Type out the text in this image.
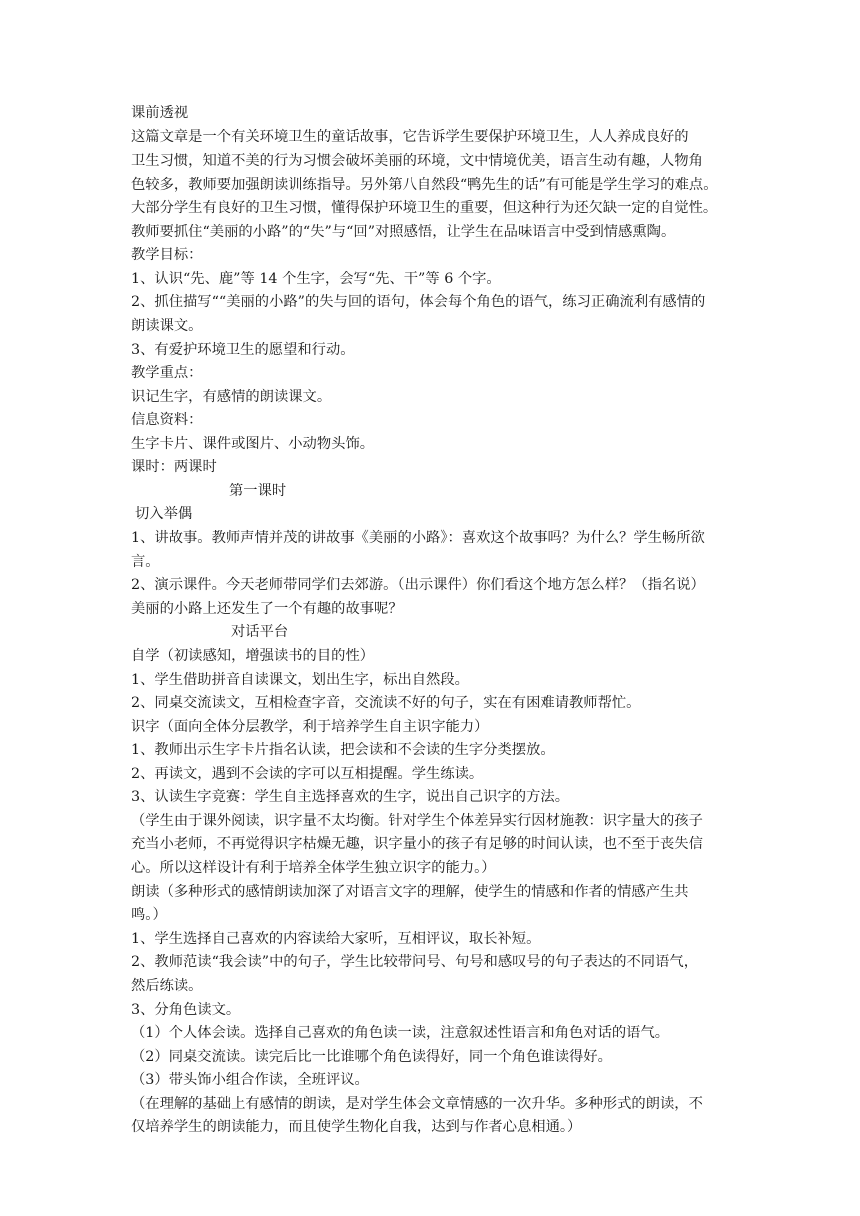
课前透视
这篇文章是一个有关环境卫生的童话故事，它告诉学生要保护环境卫生，人人养成良好的
卫生习惯，知道不美的行为习惯会破坏美丽的环境，文中情境优美，语言生动有趣，人物角
色较多，教师要加强朗读训练指导。另外第八自然段“鸭先生的话”有可能是学生学习的难点。
大部分学生有良好的卫生习惯，懂得保护环境卫生的重要，但这种行为还欠缺一定的自觉性。
教师要抓住“美丽的小路”的“失”与“回”对照感悟，让学生在品味语言中受到情感熏陶。
教学目标：
1、认识“先、鹿”等 14 个生字，会写“先、干”等 6 个字。
2、抓住描写““美丽的小路”的失与回的语句，体会每个角色的语气，练习正确流利有感情的
朗读课文。
3、有爱护环境卫生的愿望和行动。
教学重点：
识记生字，有感情的朗读课文。
信息资料：
生字卡片、课件或图片、小动物头饰。
课时：两课时
第一课时
切入举偶
1、讲故事。教师声情并茂的讲故事《美丽的小路》：喜欢这个故事吗？为什么？学生畅所欲
言。
2、演示课件。今天老师带同学们去郊游。（出示课件）你们看这个地方怎么样？（指名说）
美丽的小路上还发生了一个有趣的故事呢？
对话平台
自学（初读感知，增强读书的目的性）
1、学生借助拼音自读课文，划出生字，标出自然段。
2、同桌交流读文，互相检查字音，交流读不好的句子，实在有困难请教师帮忙。
识字（面向全体分层教学，利于培养学生自主识字能力）
1、教师出示生字卡片指名认读，把会读和不会读的生字分类摆放。
2、再读文，遇到不会读的字可以互相提醒。学生练读。
3、认读生字竞赛：学生自主选择喜欢的生字，说出自己识字的方法。
（学生由于课外阅读，识字量不太均衡。针对学生个体差异实行因材施教：识字量大的孩子
充当小老师，不再觉得识字枯燥无趣，识字量小的孩子有足够的时间认读，也不至于丧失信
心。所以这样设计有利于培养全体学生独立识字的能力。）
朗读（多种形式的感情朗读加深了对语言文字的理解，使学生的情感和作者的情感产生共
鸣。）
1、学生选择自己喜欢的内容读给大家听，互相评议，取长补短。
2、教师范读“我会读”中的句子，学生比较带问号、句号和感叹号的句子表达的不同语气，
然后练读。
3、分角色读文。
（1）个人体会读。选择自己喜欢的角色读一读，注意叙述性语言和角色对话的语气。
（2）同桌交流读。读完后比一比谁哪个角色读得好，同一个角色谁读得好。
（3）带头饰小组合作读，全班评议。
（在理解的基础上有感情的朗读，是对学生体会文章情感的一次升华。多种形式的朗读，不
仅培养学生的朗读能力，而且使学生物化自我，达到与作者心息相通。）
